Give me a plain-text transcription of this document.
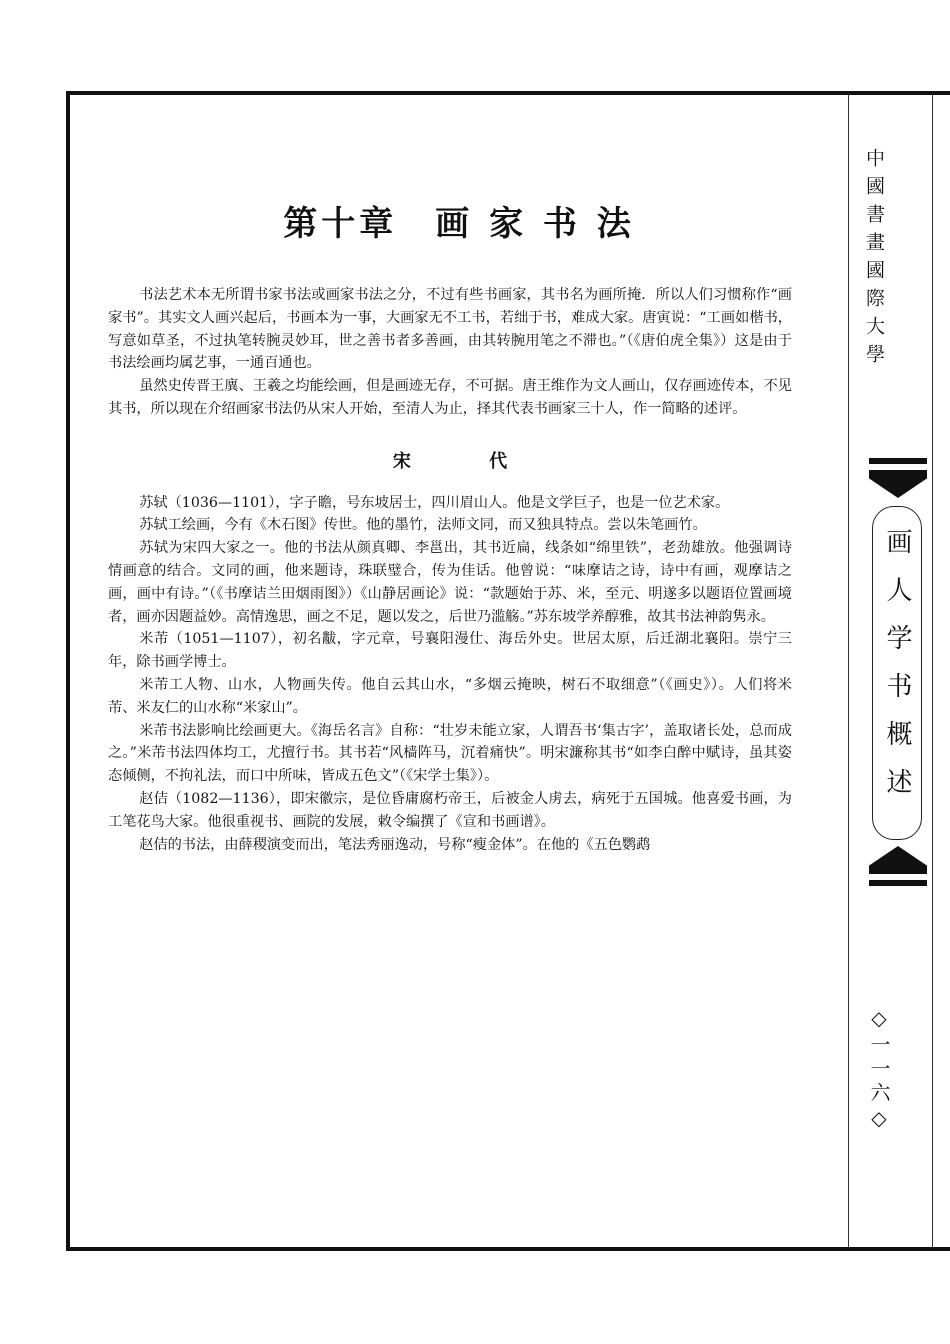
中國書畫國際大學
画人学书概述
◇一一六◇
第十章　画 家 书 法

书法艺术本无所谓书家书法或画家书法之分，不过有些书画家，其书名为画所掩．所以人们习惯称作“画家书”。其实文人画兴起后，书画本为一事，大画家无不工书，若绌于书，难成大家。唐寅说：“工画如楷书，写意如草圣，不过执笔转腕灵妙耳，世之善书者多善画，由其转腕用笔之不滞也。”（《唐伯虎全集》）这是由于书法绘画均属艺事，一通百通也。

虽然史传晋王廙、王羲之均能绘画，但是画迹无存，不可据。唐王维作为文人画山，仅存画迹传本，不见其书，所以现在介绍画家书法仍从宋人开始，至清人为止，择其代表书画家三十人，作一简略的述评。

宋 代

苏轼（1036—1101），字子瞻，号东坡居士，四川眉山人。他是文学巨子，也是一位艺术家。

苏轼工绘画，今有《木石图》传世。他的墨竹，法师文同，而又独具特点。尝以朱笔画竹。

苏轼为宋四大家之一。他的书法从颜真卿、李邕出，其书近扁，线条如“绵里铁”，老劲雄放。他强调诗情画意的结合。文同的画，他来题诗，珠联璧合，传为佳话。他曾说：“味摩诘之诗，诗中有画，观摩诘之画，画中有诗。”（《书摩诘兰田烟雨图》）《山静居画论》说：“款题始于苏、米，至元、明遂多以题语位置画境者，画亦因题益妙。高情逸思，画之不足，题以发之，后世乃滥觞。”苏东坡学养醇雅，故其书法神韵隽永。

米芾（1051—1107），初名黻，字元章，号襄阳漫仕、海岳外史。世居太原，后迁湖北襄阳。崇宁三年，除书画学博士。

米芾工人物、山水，人物画失传。他自云其山水，“多烟云掩映，树石不取细意”（《画史》）。人们将米芾、米友仁的山水称“米家山”。

米芾书法影响比绘画更大。《海岳名言》自称：“壮岁未能立家，人谓吾书‘集古字’，盖取诸长处，总而成之。”米芾书法四体均工，尤擅行书。其书若“风樯阵马，沉着痛快”。明宋濂称其书“如李白醉中赋诗，虽其姿态倾侧，不拘礼法，而口中所味，皆成五色文”（《宋学士集》）。

赵佶（1082—1136），即宋徽宗，是位昏庸腐朽帝王，后被金人虏去，病死于五国城。他喜爱书画，为工笔花鸟大家。他很重视书、画院的发展，敕令编撰了《宣和书画谱》。

赵佶的书法，由薛稷演变而出，笔法秀丽逸动，号称“瘦金体”。在他的《五色鹦鹉
